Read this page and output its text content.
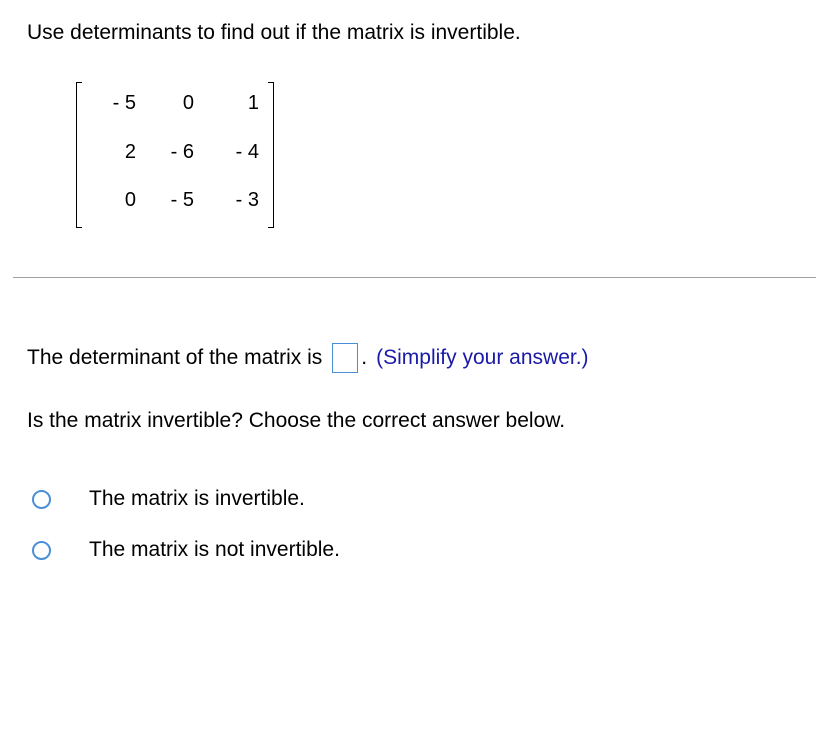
Use determinants to find out if the matrix is invertible.
- 5	0	1
2	- 6	- 4
0	- 5	- 3
The determinant of the matrix is . (Simplify your answer.)
Is the matrix invertible? Choose the correct answer below.
The matrix is invertible.
The matrix is not invertible.
